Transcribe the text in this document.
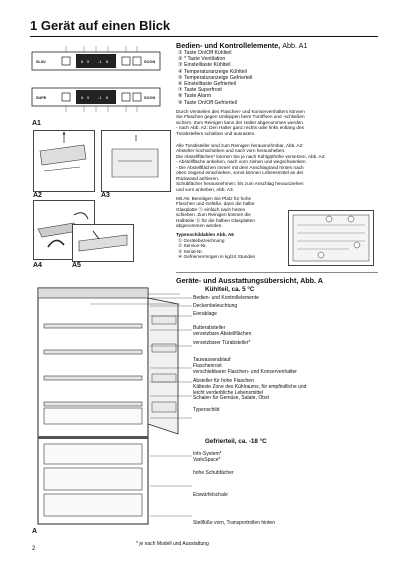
1 Gerät auf einen Blick
8 5 -1 8
8 5 -1 8
SLAV	SOON
SUPE	SOON
A1
A2	A3
A4	A5
Bedien- und Kontrollelemente, Abb. A1
① Taste On/Off Kühlteil
② * Taste Ventilation
③ Einstelltaste Kühlteil
④ Temperaturanzeige Kühlteil
⑤ Temperaturanzeige Gefrierteil
⑥ Einstelltaste Gefrierteil
⑦ Taste Superfrost
⑧ Taste Alarm
⑨ Taste On/Off Gefrierteil
Durch Versteilen des Flaschen- und Konservenhalters können
Sie Flaschen gegen Umkippen beim Türöffnen und -schließen
sichern. Zum Reinigen kann der Halter abgenommen werden
- nach Abb. A2: Den Halter ganz rechts oder links entlang des
Türabstellers schieben und ausrasten.
Alle Türabsteller sind zum Reinigen herausnehmbar, Abb. A2:
Absteller hochschieben und nach vorn herausheben.
Die Abstellflächen* können Sie je nach Kühlgüthöhe versetzen, Abb. A4:
- Abstellfläche anheben, nach vorn ziehen und wegschwenken.
- Die Abstellflächen immer mit dem Anschlagrand hinten nach
oben zeigend einschieben, sonst können Lebensmittel an der
Rückwand anfrieren.
Schubfächer herausnehmen: bis zum Anschlag herausziehen
und vorn anheben, Abb. A3.
Mit A5: Benötigen Sie Platz für hohe
Flaschen und Gefäße, dann die halbe
Glasplatte ⓐ einfach nach hinten
schieben. Zum Reinigen können die
Halbteile ⓑ für die halben Glasplatten
abgenommen werden.
Typenschildablen Abb. A6
① Gerätebezeichnung
② Service-Nr.
③ Serial-Nr.
④ Gefriervermögen in kg/24 Stunden
Geräte- und Ausstattungsübersicht, Abb. A
Kühlteil, ca. 5 °C
A
Bedien- und Kontrollelemente
Deckenbeleuchtung
Eierablage
Butterabsteller
versetzbare Abstellflächen
versetzbarer Türabsteller*
Tauwasserablauf
Flaschenrost
verschiebbarer Flaschen- und Konservenhalter
Absteller für hohe Flaschen
Kälteste Zone des Kühlraums, für empfindliche und
leicht verderbliche Lebensmittel
Schalen für Gemüse, Salate, Obst
Typenschild
Gefrierteil, ca. -18 °C
Info-System*
VarioSpace*
hohe Schubfächer
Eiswürfelschale
Stellfüße vorn, Transportrollen hinten
* je nach Modell und Ausstattung
2
